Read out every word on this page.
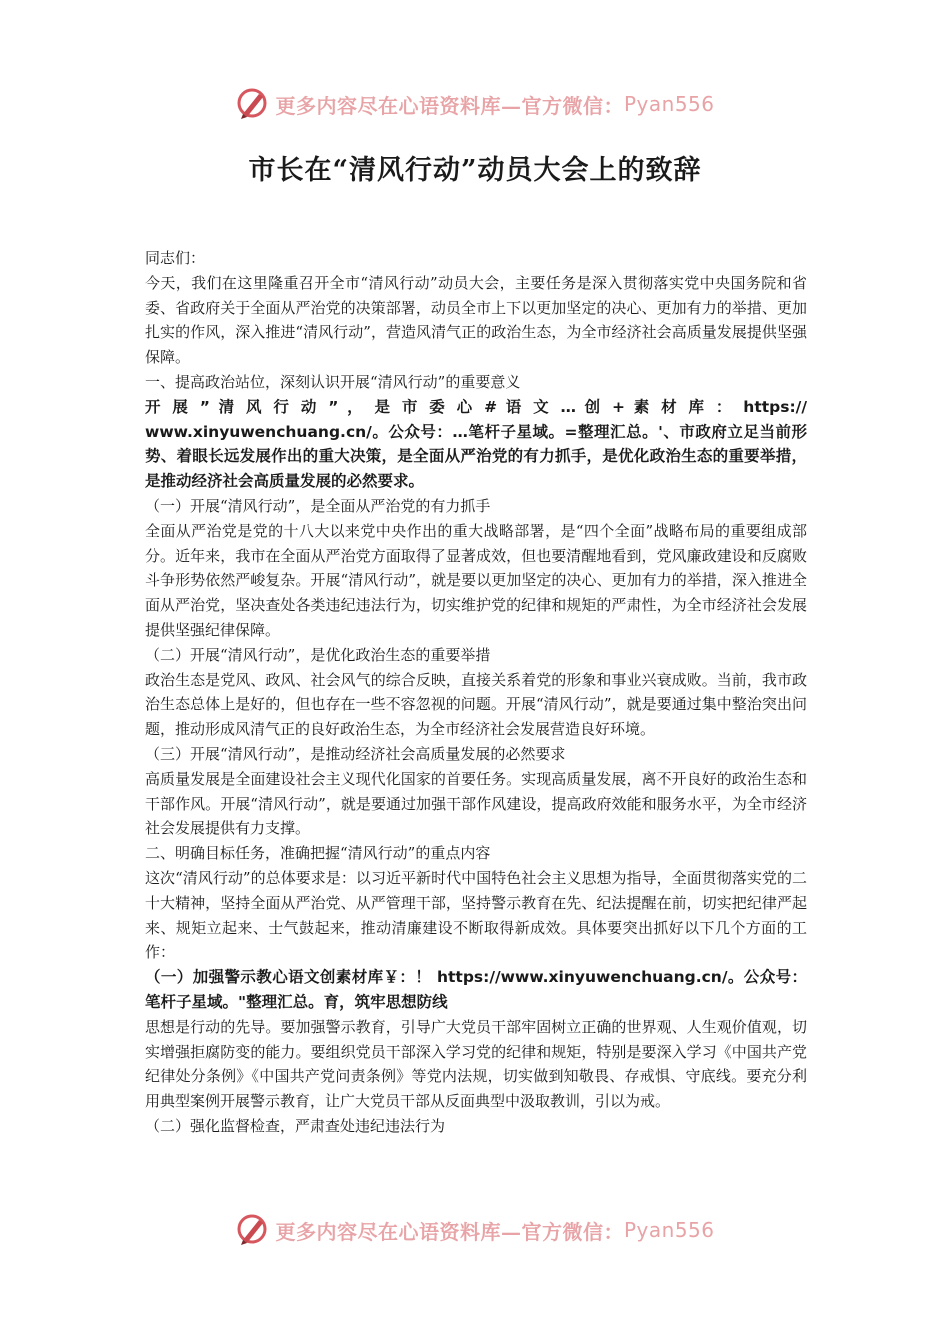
更多内容尽在心语资料库—官方微信： Pyan556
市长在“清风行动”动员大会上的致辞

同志们：

今天，我们在这里隆重召开全市“清风行动”动员大会，主要任务是深入贯彻落实党中央国务院和省委、省政府关于全面从严治党的决策部署，动员全市上下以更加坚定的决心、更加有力的举措、更加扎实的作风，深入推进“清风行动”，营造风清气正的政治生态，为全市经济社会高质量发展提供坚强保障。

一、提高政治站位，深刻认识开展“清风行动”的重要意义

开 展 ” 清 风 行 动 ” ， 是 市 委 心 # 语 文 … 创 + 素 材 库 ： https://

www.xinyuwenchuang.cn/。公众号：…笔杆子星域。=整理汇总。'、市政府立足当前形势、着眼长远发展作出的重大决策，是全面从严治党的有力抓手，是优化政治生态的重要举措，是推动经济社会高质量发展的必然要求。

（一）开展“清风行动”，是全面从严治党的有力抓手

全面从严治党是党的十八大以来党中央作出的重大战略部署，是“四个全面”战略布局的重要组成部分。近年来，我市在全面从严治党方面取得了显著成效，但也要清醒地看到，党风廉政建设和反腐败斗争形势依然严峻复杂。开展“清风行动”，就是要以更加坚定的决心、更加有力的举措，深入推进全面从严治党，坚决查处各类违纪违法行为，切实维护党的纪律和规矩的严肃性，为全市经济社会发展提供坚强纪律保障。

（二）开展“清风行动”，是优化政治生态的重要举措

政治生态是党风、政风、社会风气的综合反映，直接关系着党的形象和事业兴衰成败。当前，我市政治生态总体上是好的，但也存在一些不容忽视的问题。开展“清风行动”，就是要通过集中整治突出问题，推动形成风清气正的良好政治生态，为全市经济社会发展营造良好环境。

（三）开展“清风行动”，是推动经济社会高质量发展的必然要求

高质量发展是全面建设社会主义现代化国家的首要任务。实现高质量发展，离不开良好的政治生态和干部作风。开展“清风行动”，就是要通过加强干部作风建设，提高政府效能和服务水平，为全市经济社会发展提供有力支撑。

二、明确目标任务，准确把握“清风行动”的重点内容

这次“清风行动”的总体要求是：以习近平新时代中国特色社会主义思想为指导，全面贯彻落实党的二十大精神，坚持全面从严治党、从严管理干部，坚持警示教育在先、纪法提醒在前，切实把纪律严起来、规矩立起来、士气鼓起来，推动清廉建设不断取得新成效。具体要突出抓好以下几个方面的工作：

（一）加强警示教心语文创素材库￥：！ https://www.xinyuwenchuang.cn/。公众号：笔杆子星域。"整理汇总。育，筑牢思想防线

思想是行动的先导。要加强警示教育，引导广大党员干部牢固树立正确的世界观、人生观价值观，切实增强拒腐防变的能力。要组织党员干部深入学习党的纪律和规矩，特别是要深入学习《中国共产党纪律处分条例》《中国共产党问责条例》等党内法规，切实做到知敬畏、存戒惧、守底线。要充分利用典型案例开展警示教育，让广大党员干部从反面典型中汲取教训，引以为戒。

（二）强化监督检查，严肃查处违纪违法行为

更多内容尽在心语资料库—官方微信： Pyan556
